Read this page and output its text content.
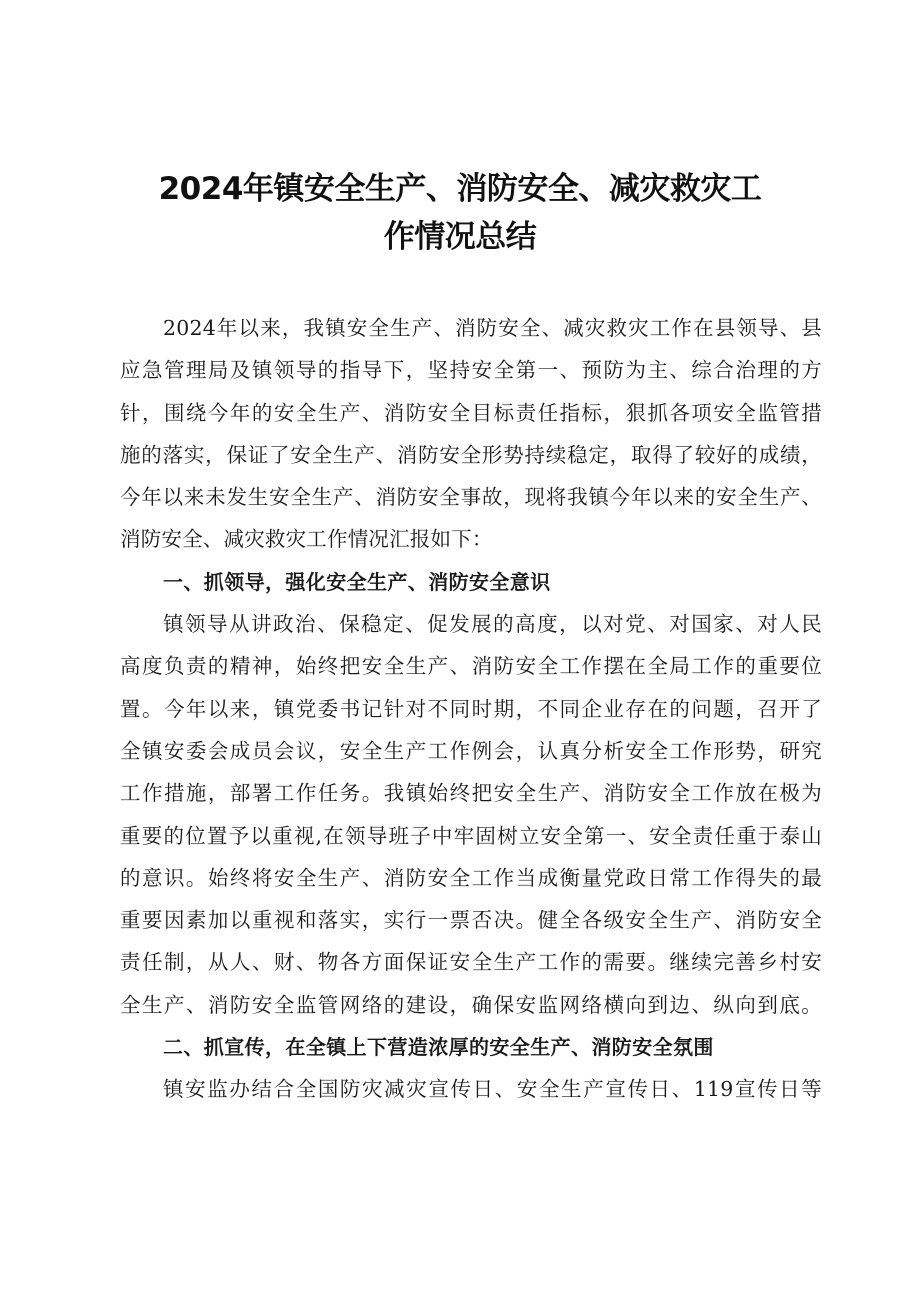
2024年镇安全生产、消防安全、减灾救灾工
作情况总结
2024年以来，我镇安全生产、消防安全、减灾救灾工作在县领导、县
应急管理局及镇领导的指导下，坚持安全第一、预防为主、综合治理的方
针，围绕今年的安全生产、消防安全目标责任指标，狠抓各项安全监管措
施的落实，保证了安全生产、消防安全形势持续稳定，取得了较好的成绩，
今年以来未发生安全生产、消防安全事故，现将我镇今年以来的安全生产、
消防安全、减灾救灾工作情况汇报如下：
一、抓领导，强化安全生产、消防安全意识
镇领导从讲政治、保稳定、促发展的高度，以对党、对国家、对人民
高度负责的精神，始终把安全生产、消防安全工作摆在全局工作的重要位
置。今年以来，镇党委书记针对不同时期，不同企业存在的问题，召开了
全镇安委会成员会议，安全生产工作例会，认真分析安全工作形势，研究
工作措施，部署工作任务。我镇始终把安全生产、消防安全工作放在极为
重要的位置予以重视,在领导班子中牢固树立安全第一、安全责任重于泰山
的意识。始终将安全生产、消防安全工作当成衡量党政日常工作得失的最
重要因素加以重视和落实，实行一票否决。健全各级安全生产、消防安全
责任制，从人、财、物各方面保证安全生产工作的需要。继续完善乡村安
全生产、消防安全监管网络的建设，确保安监网络横向到边、纵向到底。
二、抓宣传，在全镇上下营造浓厚的安全生产、消防安全氛围
镇安监办结合全国防灾减灾宣传日、安全生产宣传日、119宣传日等
